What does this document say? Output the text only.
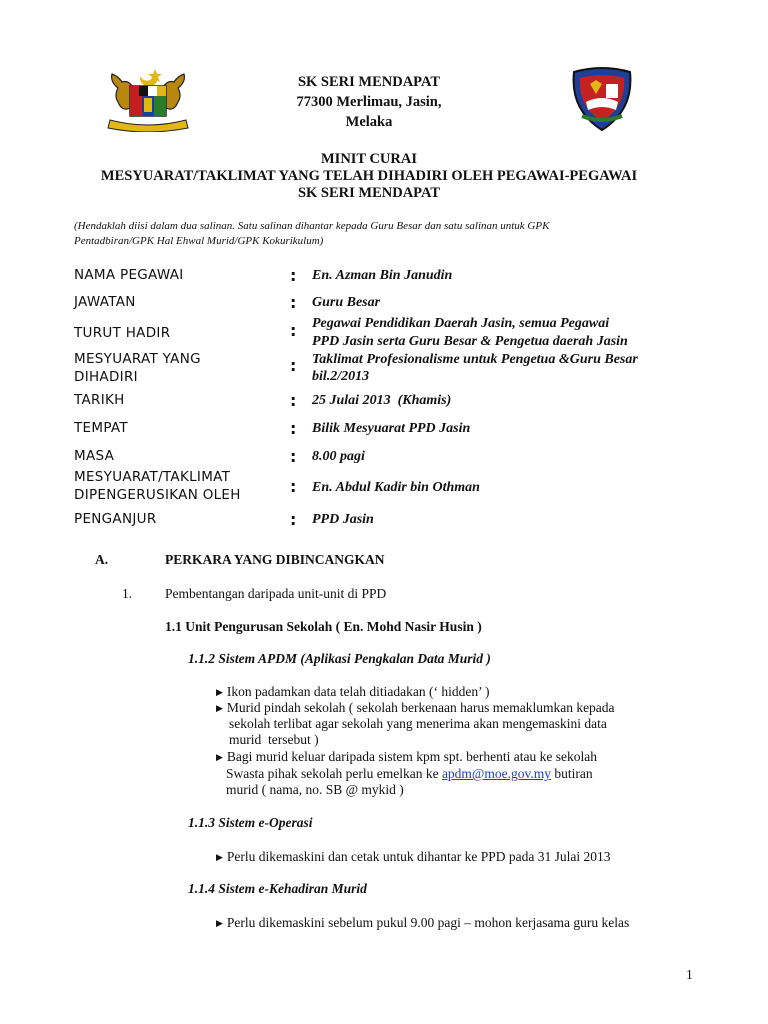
SK SERI MENDAPAT
77300 Merlimau, Jasin,
Melaka
MINIT CURAI
MESYUARAT/TAKLIMAT YANG TELAH DIHADIRI OLEH PEGAWAI-PEGAWAI
SK SERI MENDAPAT
(Hendaklah diisi dalam dua salinan. Satu salinan dihantar kepada Guru Besar dan satu salinan untuk GPK
Pentadbiran/GPK Hal Ehwal Murid/GPK Kokurikulum)
NAMA PEGAWAI	: En. Azman Bin Janudin
JAWATAN	: Guru Besar
TURUT HADIR	: Pegawai Pendidikan Daerah Jasin, semua Pegawai
PPD Jasin serta Guru Besar & Pengetua daerah Jasin
MESYUARAT YANG
DIHADIRI
: Taklimat Profesionalisme untuk Pengetua &Guru Besar
bil.2/2013
TARIKH	: 25 Julai 2013  (Khamis)
TEMPAT	: Bilik Mesyuarat PPD Jasin
MASA	: 8.00 pagi
MESYUARAT/TAKLIMAT
DIPENGERUSIKAN OLEH	: En. Abdul Kadir bin Othman
PENGANJUR	: PPD Jasin
A.	PERKARA YANG DIBINCANGKAN
1. Pembentangan daripada unit-unit di PPD
1.1 Unit Pengurusan Sekolah ( En. Mohd Nasir Husin )
1.1.2 Sistem APDM (Aplikasi Pengkalan Data Murid )
▶ Ikon padamkan data telah ditiadakan (‘ hidden’ )
▶ Murid pindah sekolah ( sekolah berkenaan harus memaklumkan kepada
sekolah terlibat agar sekolah yang menerima akan mengemaskini data
murid  tersebut )
▶ Bagi murid keluar daripada sistem kpm spt. berhenti atau ke sekolah
Swasta pihak sekolah perlu emelkan ke apdm@moe.gov.my butiran
murid ( nama, no. SB @ mykid )
1.1.3 Sistem e-Operasi
▶ Perlu dikemaskini dan cetak untuk dihantar ke PPD pada 31 Julai 2013
1.1.4 Sistem e-Kehadiran Murid
▶ Perlu dikemaskini sebelum pukul 9.00 pagi – mohon kerjasama guru kelas
1
